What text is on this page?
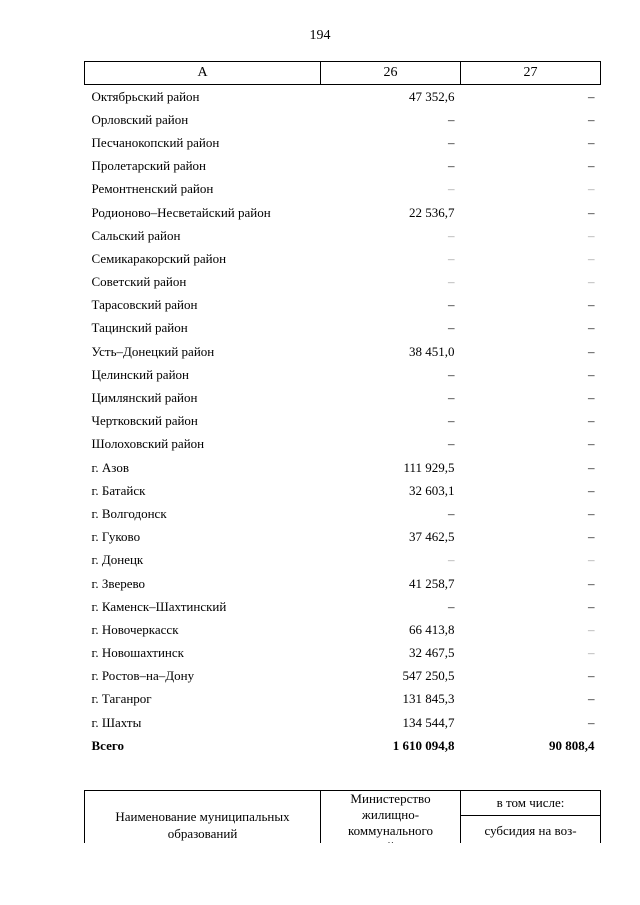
194
А	26	27
Октябрьский район	47 352,6	–
Орловский район	–	–
Песчанокопский район	–	–
Пролетарский район	–	–
Ремонтненский район	–	–
Родионово–Несветайский район	22 536,7	–
Сальский район	–	–
Семикаракорский район	–	–
Советский район	–	–
Тарасовский район	–	–
Тацинский район	–	–
Усть–Донецкий район	38 451,0	–
Целинский район	–	–
Цимлянский район	–	–
Чертковский район	–	–
Шолоховский район	–	–
г. Азов	111 929,5	–
г. Батайск	32 603,1	–
г. Волгодонск	–	–
г. Гуково	37 462,5	–
г. Донецк	–	–
г. Зверево	41 258,7	–
г. Каменск–Шахтинский	–	–
г. Новочеркасск	66 413,8	–
г. Новошахтинск	32 467,5	–
г. Ростов–на–Дону	547 250,5	–
г. Таганрог	131 845,3	–
г. Шахты	134 544,7	–
Всего	1 610 094,8	90 808,4
Наименование муниципальных образований	Министерство жилищно-коммунального	в том числе:
субсидия на воз-
